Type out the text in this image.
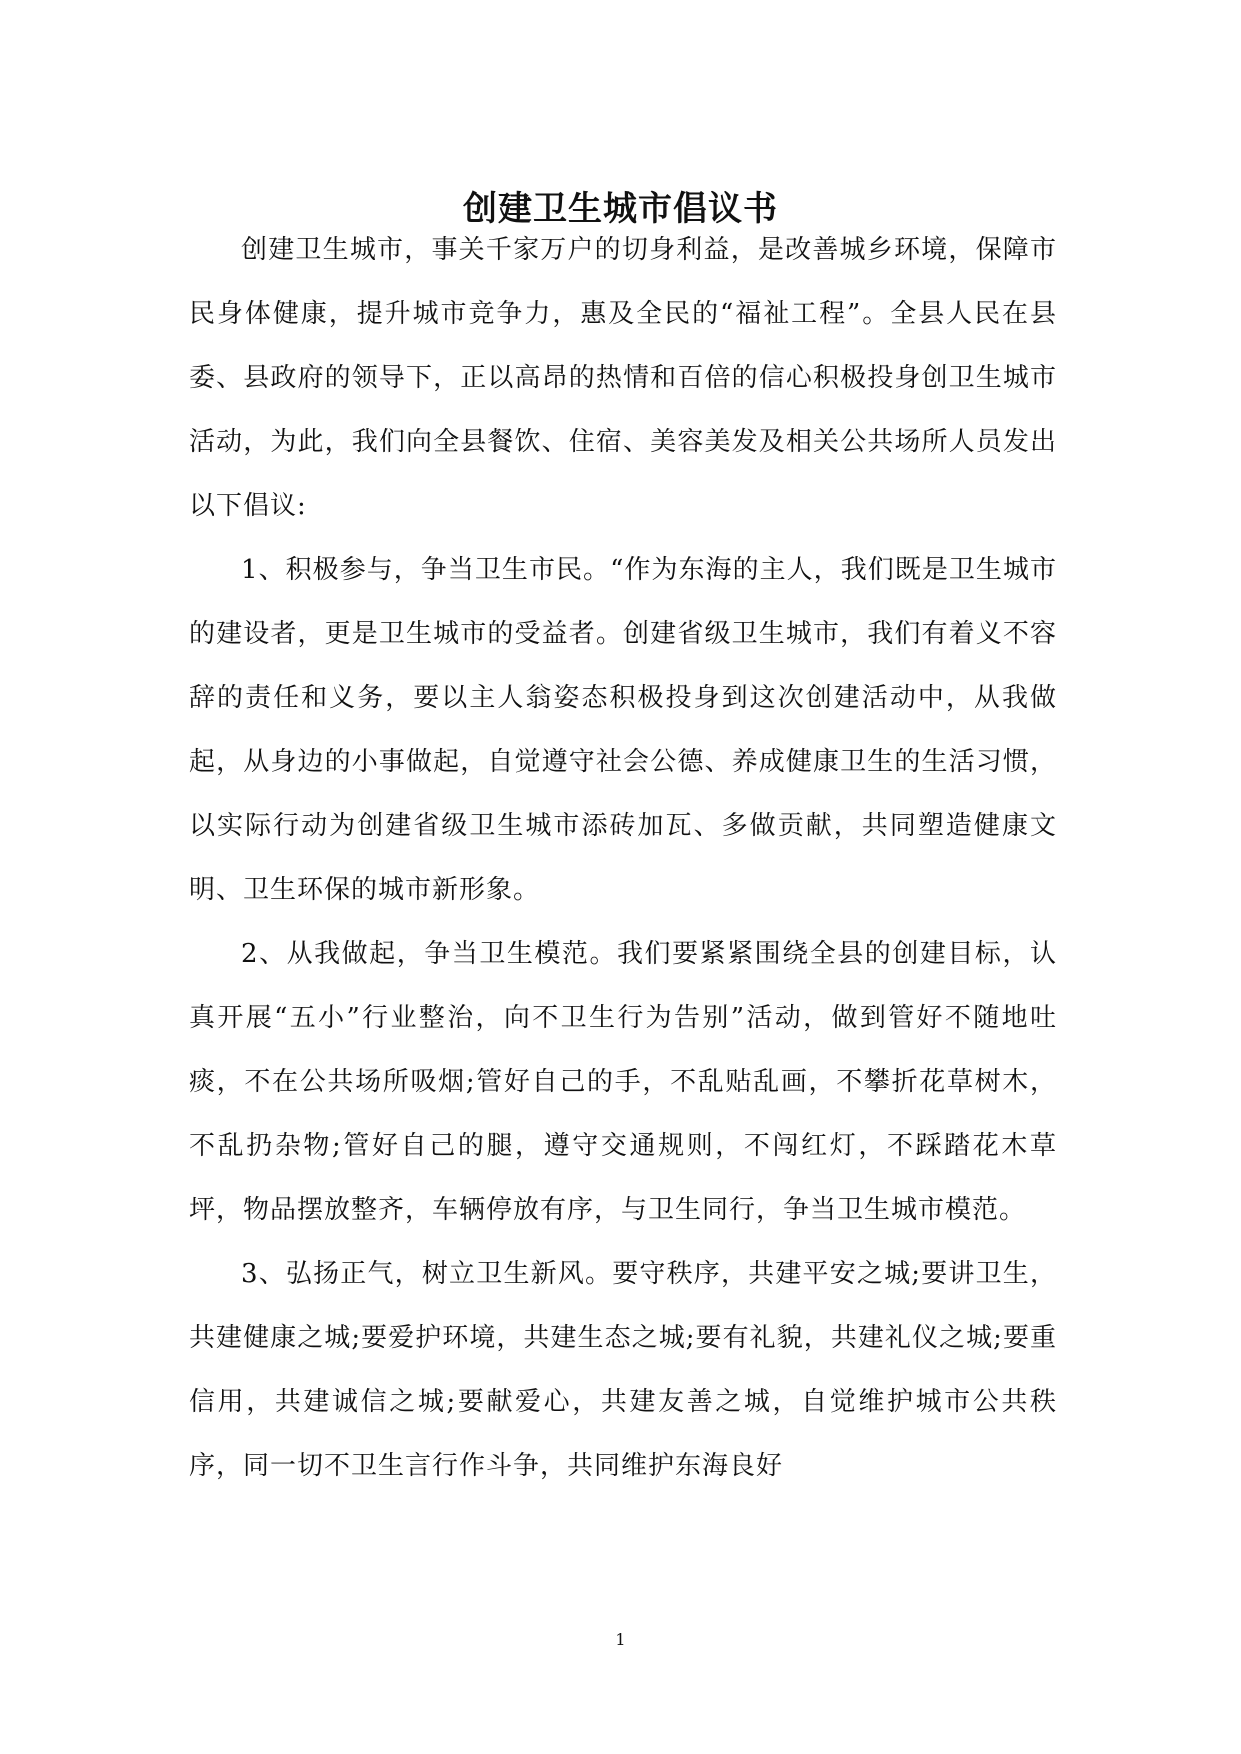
创建卫生城市倡议书

创建卫生城市，事关千家万户的切身利益，是改善城乡环境，保障市民身体健康，提升城市竞争力，惠及全民的“福祉工程”。全县人民在县委、县政府的领导下，正以高昂的热情和百倍的信心积极投身创卫生城市活动，为此，我们向全县餐饮、住宿、美容美发及相关公共场所人员发出以下倡议:

1、积极参与，争当卫生市民。“作为东海的主人，我们既是卫生城市的建设者，更是卫生城市的受益者。创建省级卫生城市，我们有着义不容辞的责任和义务，要以主人翁姿态积极投身到这次创建活动中，从我做起，从身边的小事做起，自觉遵守社会公德、养成健康卫生的生活习惯，以实际行动为创建省级卫生城市添砖加瓦、多做贡献，共同塑造健康文明、卫生环保的城市新形象。

2、从我做起，争当卫生模范。我们要紧紧围绕全县的创建目标，认真开展“五小”行业整治，向不卫生行为告别”活动，做到管好不随地吐痰，不在公共场所吸烟;管好自己的手，不乱贴乱画，不攀折花草树木，不乱扔杂物;管好自己的腿，遵守交通规则，不闯红灯，不踩踏花木草坪，物品摆放整齐，车辆停放有序，与卫生同行，争当卫生城市模范。

3、弘扬正气，树立卫生新风。要守秩序，共建平安之城;要讲卫生，共建健康之城;要爱护环境，共建生态之城;要有礼貌，共建礼仪之城;要重信用，共建诚信之城;要献爱心，共建友善之城，自觉维护城市公共秩序，同一切不卫生言行作斗争，共同维护东海良好

1
